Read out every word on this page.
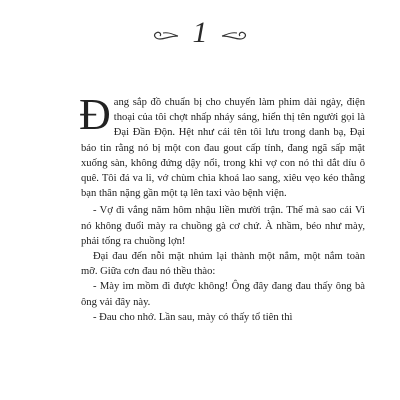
1

Đang sắp đồ chuẩn bị cho chuyến làm phim dài ngày, điện thoại của tôi chợt nhấp nháy sáng, hiển thị tên người gọi là Đại Đần Độn. Hệt như cái tên tôi lưu trong danh bạ, Đại báo tin rằng nó bị một con đau gout cấp tính, đang ngã sấp mặt xuống sàn, không đứng dậy nổi, trong khi vợ con nó thì dắt díu ô quê. Tôi đá va li, vớ chùm chìa khoá lao sang, xiêu vẹo kéo thằng bạn thân nặng gần một tạ lên taxi vào bệnh viện.

- Vợ đi vắng năm hôm nhậu liền mười trận. Thế mà sao cái Vi nó không đuổi mày ra chuồng gà cơ chứ. À nhầm, béo như mày, phải tống ra chuồng lợn!

Đại đau đến nỗi mặt nhúm lại thành một nắm, một nắm toàn mỡ. Giữa cơn đau nó thều thào:

- Mày im mồm đi được không! Ông đây đang đau thấy ông bà ông vải đây này.

- Đau cho nhớ. Lần sau, mày có thấy tổ tiên thì
